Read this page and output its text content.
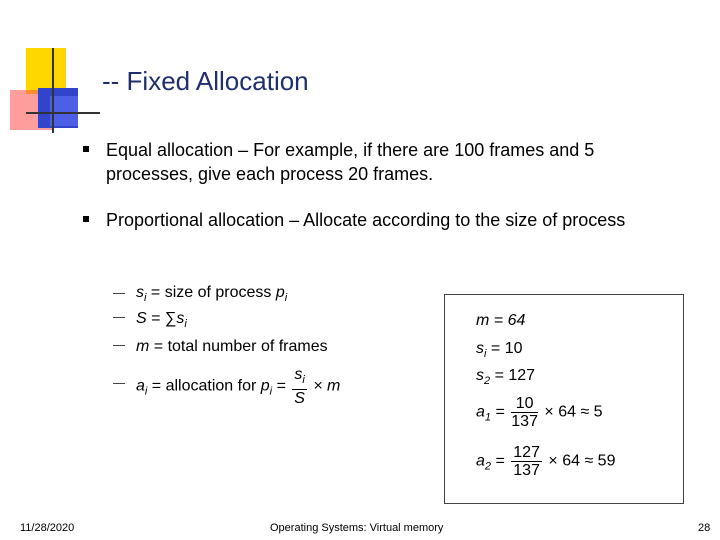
-- Fixed Allocation
Equal allocation – For example, if there are 100 frames and 5 processes, give each process 20 frames.
Proportional allocation – Allocate according to the size of process
$s_i$ = size of process $p_i$
$S = \sum s_i$
m = total number of frames
$a_i$ = allocation for $p_i = \frac{s_i}{S} \times m$
m = 64
$s_i = 10$
$s_2 = 127$
$a_1 = \frac{10}{137} \times 64 \approx 5$
$a_2 = \frac{127}{137} \times 64 \approx 59$
11/28/2020	Operating Systems: Virtual memory	28
